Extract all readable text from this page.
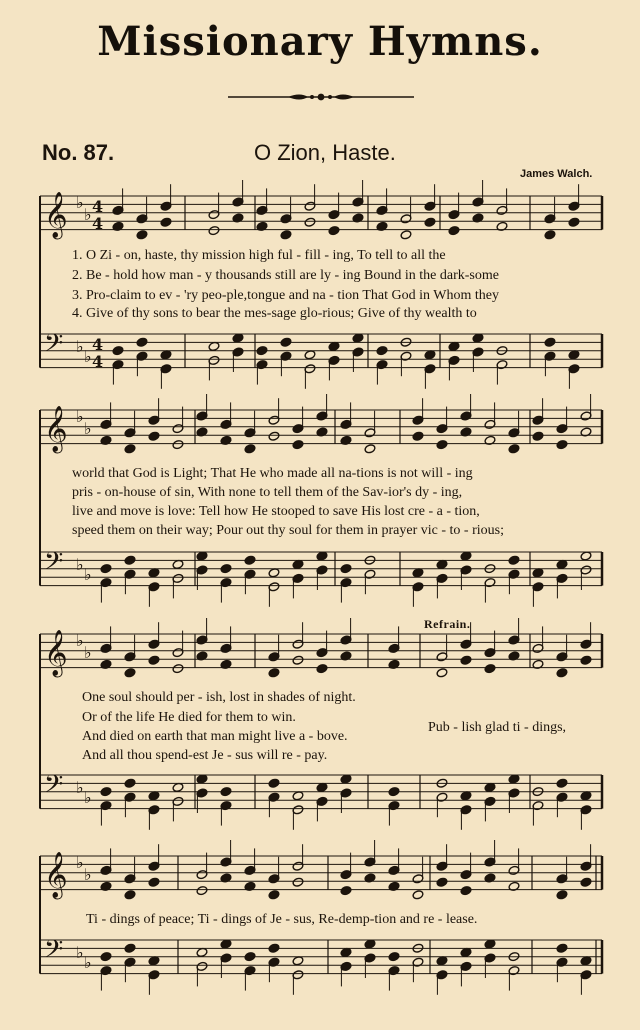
Missionary Hymns.
No. 87.	O Zion, Haste.
James Walch.
Refrain.
𝄞 ♭
♭ 4
4
𝄢 ♭
♭
4
4
𝄞 ♭
♭
𝄢 ♭
♭
𝄞 ♭
♭
𝄢 ♭
♭
𝄞 ♭
♭
𝄢 ♭
♭
1. O Zi - on, haste, thy mission high ful - fill - ing, To tell to all the
2. Be - hold how man - y thousands still are ly - ing Bound in the dark-some
3. Pro-claim to ev - 'ry peo-ple,tongue and na - tion That God in Whom they
4. Give of thy sons to bear the mes-sage glo-rious; Give of thy wealth to
world that God is Light; That He who made all na-tions is not will - ing
pris - on-house of sin, With none to tell them of the Sav-ior's dy - ing,
live and move is love: Tell how He stooped to save His lost cre - a - tion,
speed them on their way; Pour out thy soul for them in prayer vic - to - rious;
One soul should per - ish, lost in shades of night.
Or of the life He died for them to win.
And died on earth that man might live a - bove.
And all thou spend-est Je - sus will re - pay.
Pub - lish glad ti - dings,
Ti - dings of peace; Ti - dings of Je - sus, Re-demp-tion and re - lease.
